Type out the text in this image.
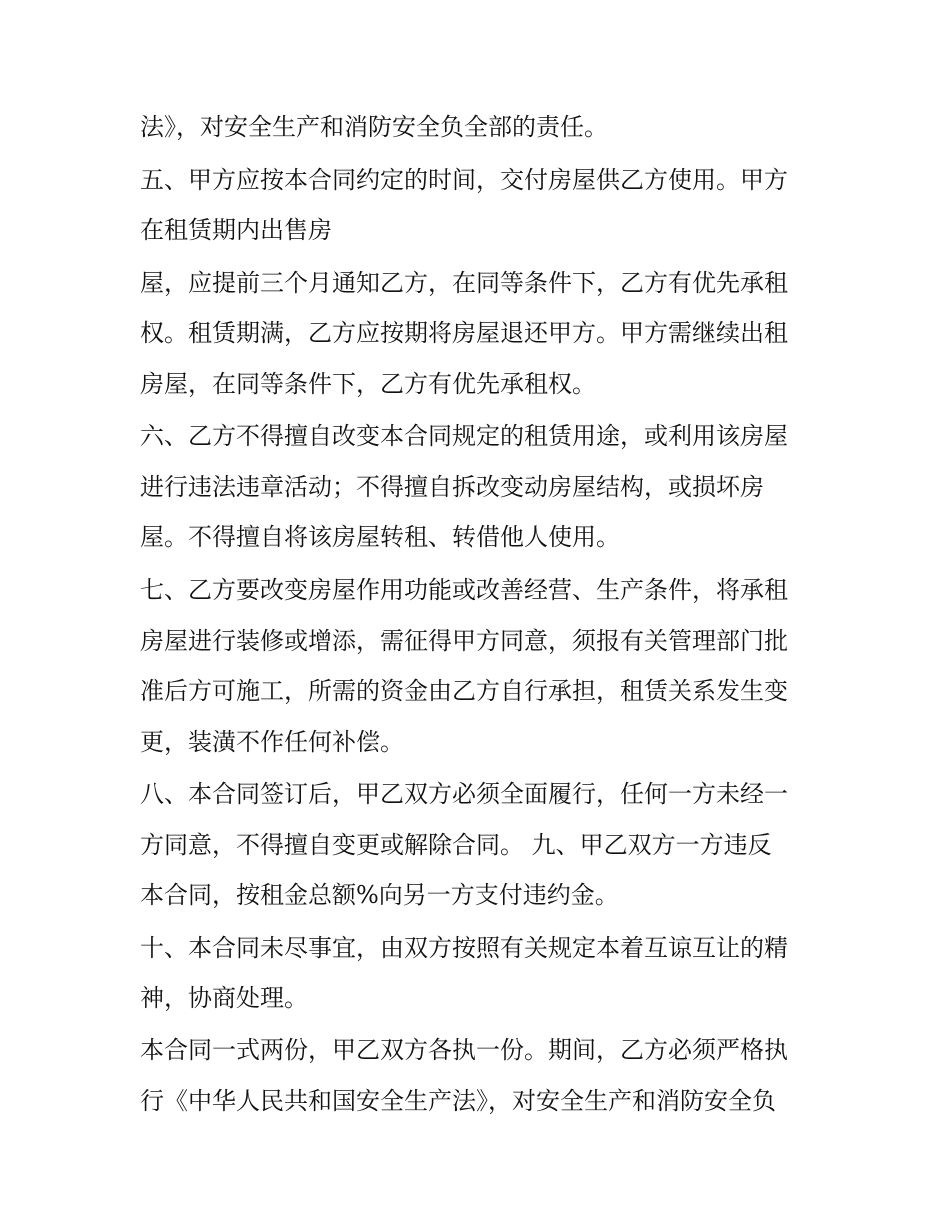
法》，对安全生产和消防安全负全部的责任。
五、甲方应按本合同约定的时间，交付房屋供乙方使用。甲方
在租赁期内出售房
屋，应提前三个月通知乙方，在同等条件下，乙方有优先承租
权。租赁期满，乙方应按期将房屋退还甲方。甲方需继续出租
房屋，在同等条件下，乙方有优先承租权。
六、乙方不得擅自改变本合同规定的租赁用途，或利用该房屋
进行违法违章活动；不得擅自拆改变动房屋结构，或损坏房
屋。不得擅自将该房屋转租、转借他人使用。
七、乙方要改变房屋作用功能或改善经营、生产条件，将承租
房屋进行装修或增添，需征得甲方同意，须报有关管理部门批
准后方可施工，所需的资金由乙方自行承担，租赁关系发生变
更，装潢不作任何补偿。
八、本合同签订后，甲乙双方必须全面履行，任何一方未经一
方同意，不得擅自变更或解除合同。 九、甲乙双方一方违反
本合同，按租金总额%向另一方支付违约金。
十、本合同未尽事宜，由双方按照有关规定本着互谅互让的精
神，协商处理。
本合同一式两份，甲乙双方各执一份。期间，乙方必须严格执
行《中华人民共和国安全生产法》，对安全生产和消防安全负
